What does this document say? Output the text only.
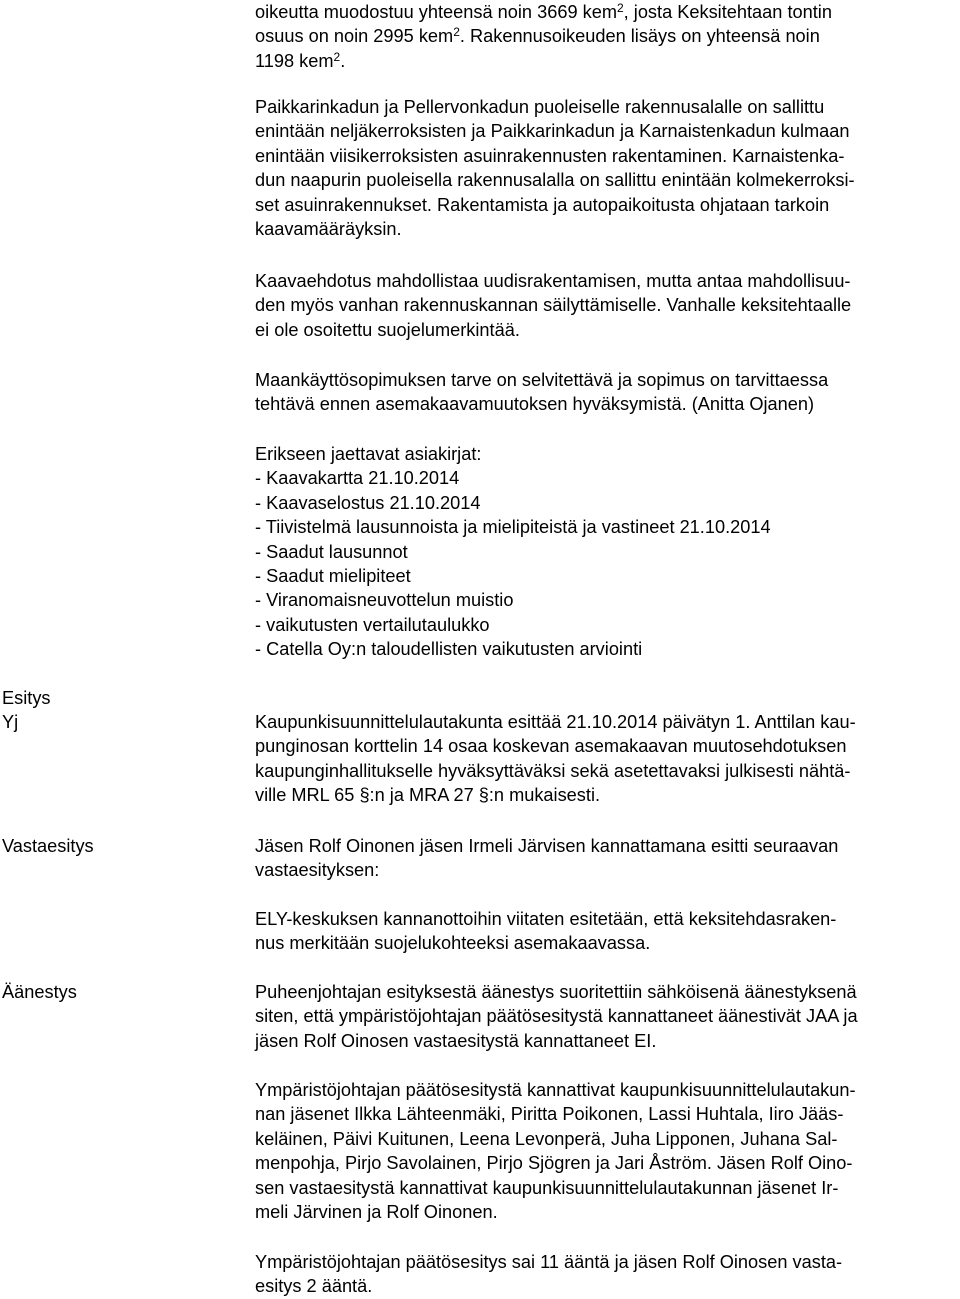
oikeutta muodostuu yhteensä noin 3669 kem$^2$, josta Keksitehtaan tontin
osuus on noin 2995 kem$^2$. Rakennusoikeuden lisäys on yhteensä noin
1198 kem$^2$.

Paikkarinkadun ja Pellervonkadun puoleiselle rakennusalalle on sallittu
enintään neljäkerroksisten ja Paikkarinkadun ja Karnaistenkadun kulmaan
enintään viisikerroksisten asuinrakennusten rakentaminen. Karnaistenka-
dun naapurin puoleisella rakennusalalla on sallittu enintään kolmekerroksi-
set asuinrakennukset. Rakentamista ja autopaikoitusta ohjataan tarkoin
kaavamääräyksin.

Kaavaehdotus mahdollistaa uudisrakentamisen, mutta antaa mahdollisuu-
den myös vanhan rakennuskannan säilyttämiselle. Vanhalle keksitehtaalle
ei ole osoitettu suojelumerkintää.

Maankäyttösopimuksen tarve on selvitettävä ja sopimus on tarvittaessa
tehtävä ennen asemakaavamuutoksen hyväksymistä. (Anitta Ojanen)

Erikseen jaettavat asiakirjat:
- Kaavakartta 21.10.2014
- Kaavaselostus 21.10.2014
- Tiivistelmä lausunnoista ja mielipiteistä ja vastineet 21.10.2014
- Saadut lausunnot
- Saadut mielipiteet
- Viranomaisneuvottelun muistio
- vaikutusten vertailutaulukko
- Catella Oy:n taloudellisten vaikutusten arviointi
Esitys
Yj	Kaupunkisuunnittelulautakunta esittää 21.10.2014 päivätyn 1. Anttilan kau-
punginosan korttelin 14 osaa koskevan asemakaavan muutosehdotuksen
kaupunginhallitukselle hyväksyttäväksi sekä asetettavaksi julkisesti nähtä-
ville MRL 65 §:n ja MRA 27 §:n mukaisesti.

Vastaesitys	Jäsen Rolf Oinonen jäsen Irmeli Järvisen kannattamana esitti seuraavan
vastaesityksen:

ELY-keskuksen kannanottoihin viitaten esitetään, että keksitehdasraken-
nus merkitään suojelukohteeksi asemakaavassa.

Äänestys	Puheenjohtajan esityksestä äänestys suoritettiin sähköisenä äänestyksenä
siten, että ympäristöjohtajan päätösesitystä kannattaneet äänestivät JAA ja
jäsen Rolf Oinosen vastaesitystä kannattaneet EI.

Ympäristöjohtajan päätösesitystä kannattivat kaupunkisuunnittelulautakun-
nan jäsenet Ilkka Lähteenmäki, Piritta Poikonen, Lassi Huhtala, Iiro Jääs-
keläinen, Päivi Kuitunen, Leena Levonperä, Juha Lipponen, Juhana Sal-
menpohja, Pirjo Savolainen, Pirjo Sjögren ja Jari Åström. Jäsen Rolf Oino-
sen vastaesitystä kannattivat kaupunkisuunnittelulautakunnan jäsenet Ir-
meli Järvinen ja Rolf Oinonen.

Ympäristöjohtajan päätösesitys sai 11 ääntä ja jäsen Rolf Oinosen vasta-
esitys 2 ääntä.
